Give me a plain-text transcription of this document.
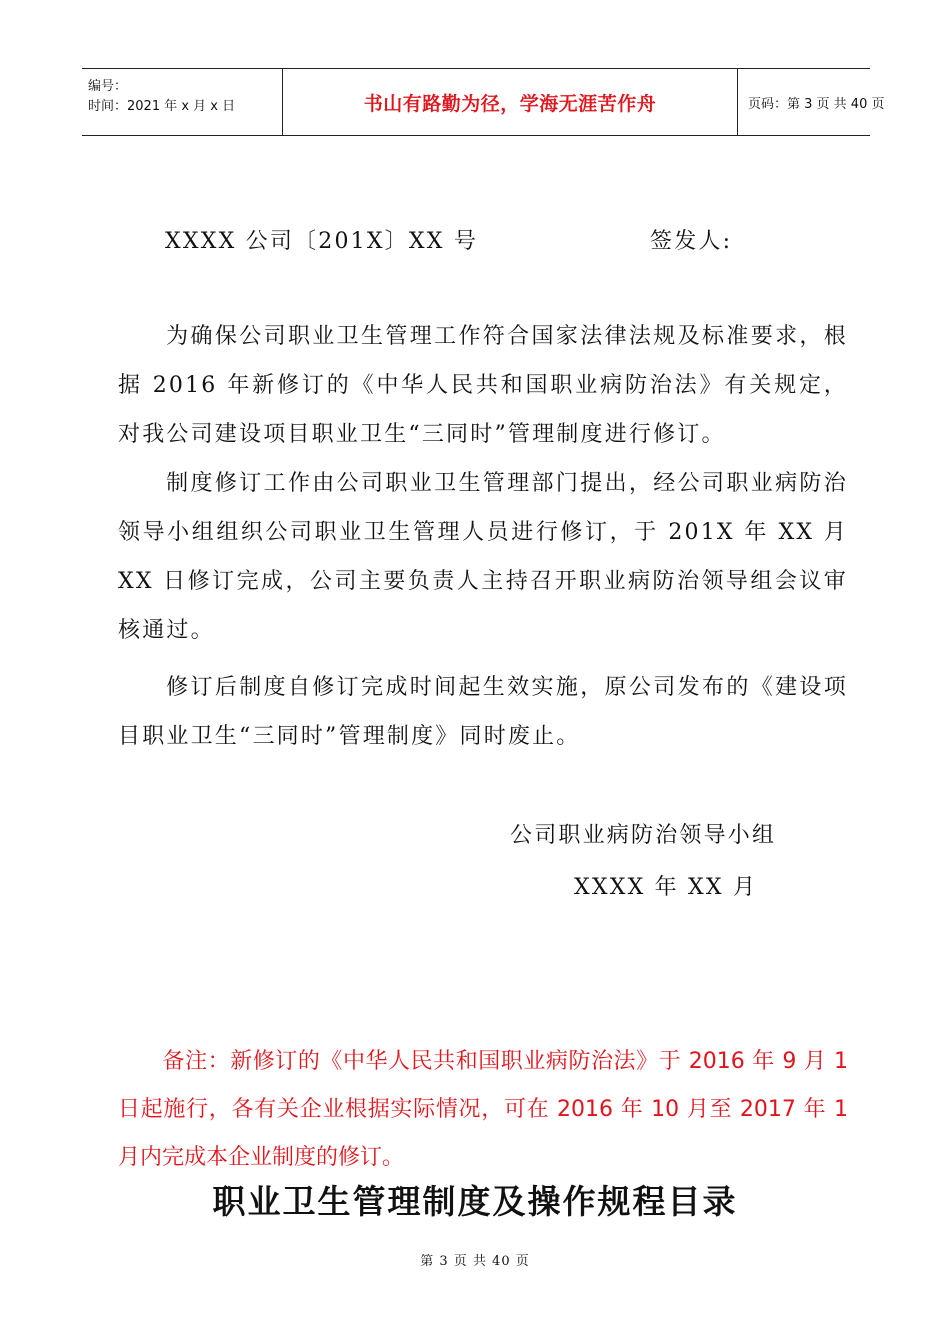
编号：
时间：2021 年 x 月 x 日	书山有路勤为径，学海无涯苦作舟	页码：第 3 页 共 40 页
XXXX 公司〔201X〕XX 号	签发人:
为确保公司职业卫生管理工作符合国家法律法规及标准要求，根据 2016 年新修订的《中华人民共和国职业病防治法》有关规定，对我公司建设项目职业卫生“三同时”管理制度进行修订。
制度修订工作由公司职业卫生管理部门提出，经公司职业病防治领导小组组织公司职业卫生管理人员进行修订，于 201X 年 XX 月 XX 日修订完成，公司主要负责人主持召开职业病防治领导组会议审核通过。
修订后制度自修订完成时间起生效实施，原公司发布的《建设项目职业卫生“三同时”管理制度》同时废止。
公司职业病防治领导小组
XXXX 年 XX 月
备注：新修订的《中华人民共和国职业病防治法》于 2016 年 9 月 1 日起施行，各有关企业根据实际情况，可在 2016 年 10 月至 2017 年 1 月内完成本企业制度的修订。
职业卫生管理制度及操作规程目录
第 3 页 共 40 页
